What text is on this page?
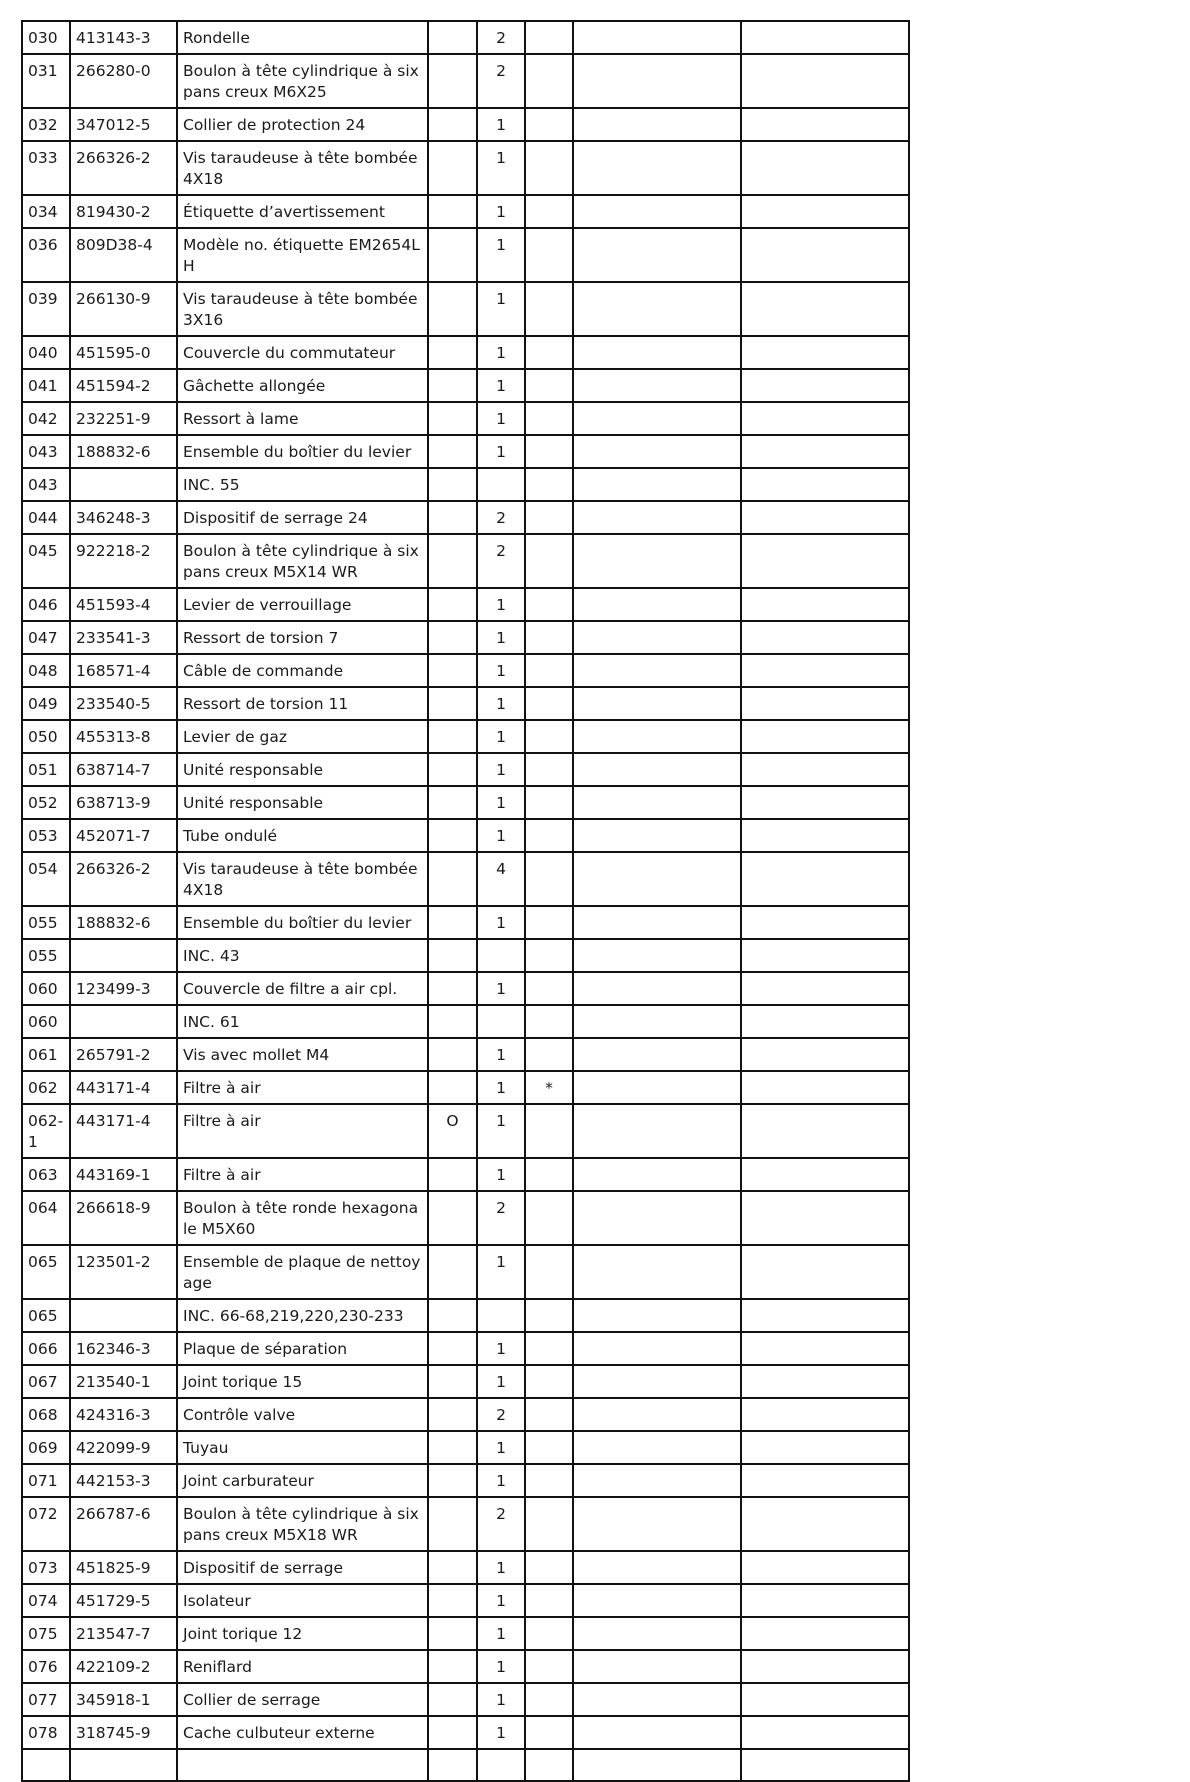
030	413143-3	Rondelle		2			
031	266280-0	Boulon à tête cylindrique à six pans creux M6X25		2			
032	347012-5	Collier de protection 24		1			
033	266326-2	Vis taraudeuse à tête bombée 4X18		1			
034	819430-2	Étiquette d’avertissement		1			
036	809D38-4	Modèle no. étiquette EM2654LH		1			
039	266130-9	Vis taraudeuse à tête bombée 3X16		1			
040	451595-0	Couvercle du commutateur		1			
041	451594-2	Gâchette allongée		1			
042	232251-9	Ressort à lame		1			
043	188832-6	Ensemble du boîtier du levier		1			
043		INC. 55					
044	346248-3	Dispositif de serrage 24		2			
045	922218-2	Boulon à tête cylindrique à six pans creux M5X14 WR		2			
046	451593-4	Levier de verrouillage		1			
047	233541-3	Ressort de torsion 7		1			
048	168571-4	Câble de commande		1			
049	233540-5	Ressort de torsion 11		1			
050	455313-8	Levier de gaz		1			
051	638714-7	Unité responsable		1			
052	638713-9	Unité responsable		1			
053	452071-7	Tube ondulé		1			
054	266326-2	Vis taraudeuse à tête bombée 4X18		4			
055	188832-6	Ensemble du boîtier du levier		1			
055		INC. 43					
060	123499-3	Couvercle de filtre a air cpl.		1			
060		INC. 61					
061	265791-2	Vis avec mollet M4		1			
062	443171-4	Filtre à air		1	*		
062-1	443171-4	Filtre à air	O	1			
063	443169-1	Filtre à air		1			
064	266618-9	Boulon à tête ronde hexagonale M5X60		2			
065	123501-2	Ensemble de plaque de nettoyage		1			
065		INC. 66-68,219,220,230-233					
066	162346-3	Plaque de séparation		1			
067	213540-1	Joint torique 15		1			
068	424316-3	Contrôle valve		2			
069	422099-9	Tuyau		1			
071	442153-3	Joint carburateur		1			
072	266787-6	Boulon à tête cylindrique à six pans creux M5X18 WR		2			
073	451825-9	Dispositif de serrage		1			
074	451729-5	Isolateur		1			
075	213547-7	Joint torique 12		1			
076	422109-2	Reniflard		1			
077	345918-1	Collier de serrage		1			
078	318745-9	Cache culbuteur externe		1			
